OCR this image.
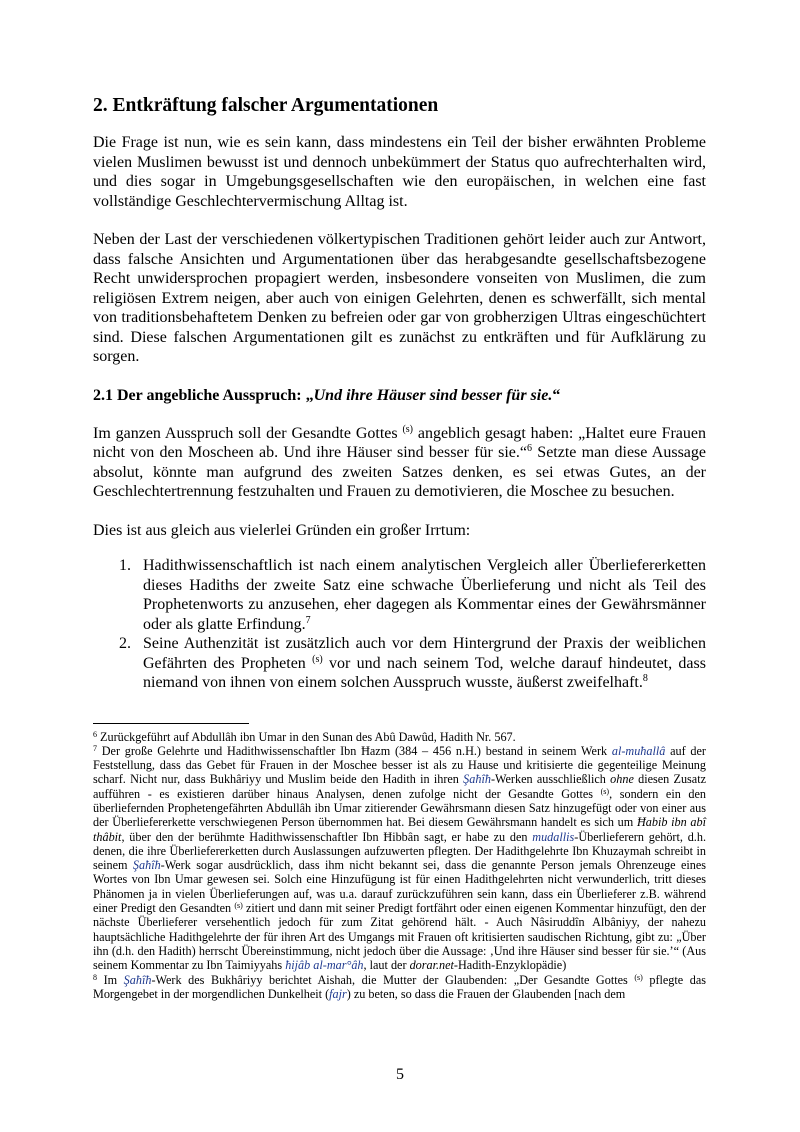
2. Entkräftung falscher Argumentationen

Die Frage ist nun, wie es sein kann, dass mindestens ein Teil der bisher erwähnten Probleme vielen Muslimen bewusst ist und dennoch unbekümmert der Status quo aufrechterhalten wird, und dies sogar in Umgebungsgesellschaften wie den europäischen, in welchen eine fast vollständige Geschlechtervermischung Alltag ist.

Neben der Last der verschiedenen völkertypischen Traditionen gehört leider auch zur Antwort, dass falsche Ansichten und Argumentationen über das herabgesandte gesellschaftsbezogene Recht unwidersprochen propagiert werden, insbesondere vonseiten von Muslimen, die zum religiösen Extrem neigen, aber auch von einigen Gelehrten, denen es schwerfällt, sich mental von traditionsbehaftetem Denken zu befreien oder gar von grobherzigen Ultras eingeschüchtert sind. Diese falschen Argumentationen gilt es zunächst zu entkräften und für Aufklärung zu sorgen.

2.1 Der angebliche Ausspruch: „Und ihre Häuser sind besser für sie.“

Im ganzen Ausspruch soll der Gesandte Gottes $^{(s)}$ angeblich gesagt haben: „Haltet eure Frauen nicht von den Moscheen ab. Und ihre Häuser sind besser für sie.“$^6$ Setzte man diese Aussage absolut, könnte man aufgrund des zweiten Satzes denken, es sei etwas Gutes, an der Geschlechtertrennung festzuhalten und Frauen zu demotivieren, die Moschee zu besuchen.

Dies ist aus gleich aus vielerlei Gründen ein großer Irrtum:

1. Hadithwissenschaftlich ist nach einem analytischen Vergleich aller Überliefererketten dieses Hadiths der zweite Satz eine schwache Überlieferung und nicht als Teil des Prophetenworts zu anzusehen, eher dagegen als Kommentar eines der Gewährsmänner oder als glatte Erfindung.$^7$
2. Seine Authenzität ist zusätzlich auch vor dem Hintergrund der Praxis der weiblichen Gefährten des Propheten $^{(s)}$ vor und nach seinem Tod, welche darauf hindeutet, dass niemand von ihnen von einem solchen Ausspruch wusste, äußerst zweifelhaft.$^8$

$^6$ Zurückgeführt auf Abdullâh ibn Umar in den Sunan des Abû Dawûd, Hadith Nr. 567.

$^7$ Der große Gelehrte und Hadithwissenschaftler Ibn Ħazm (384 – 456 n.H.) bestand in seinem Werk al-muħallâ auf der Feststellung, dass das Gebet für Frauen in der Moschee besser ist als zu Hause und kritisierte die gegenteilige Meinung scharf. Nicht nur, dass Bukhâriyy und Muslim beide den Hadith in ihren Şaħîħ-Werken ausschließlich ohne diesen Zusatz aufführen - es existieren darüber hinaus Analysen, denen zufolge nicht der Gesandte Gottes $^{(s)}$, sondern ein den überliefernden Prophetengefährten Abdullâh ibn Umar zitierender Gewährsmann diesen Satz hinzugefügt oder von einer aus der Überliefererkette verschwiegenen Person übernommen hat. Bei diesem Gewährsmann handelt es sich um Ħabib ibn abî thâbit, über den der berühmte Hadithwissenschaftler Ibn Ħibbân sagt, er habe zu den mudallis-Überlieferern gehört, d.h. denen, die ihre Überliefererketten durch Auslassungen aufzuwerten pflegten. Der Hadithgelehrte Ibn Khuzaymah schreibt in seinem Şaħîħ-Werk sogar ausdrücklich, dass ihm nicht bekannt sei, dass die genannte Person jemals Ohrenzeuge eines Wortes von Ibn Umar gewesen sei. Solch eine Hinzufügung ist für einen Hadithgelehrten nicht verwunderlich, tritt dieses Phänomen ja in vielen Überlieferungen auf, was u.a. darauf zurückzuführen sein kann, dass ein Überlieferer z.B. während einer Predigt den Gesandten $^{(s)}$ zitiert und dann mit seiner Predigt fortfährt oder einen eigenen Kommentar hinzufügt, den der nächste Überlieferer versehentlich jedoch für zum Zitat gehörend hält. - Auch Nâsiruddîn Albâniyy, der nahezu hauptsächliche Hadithgelehrte der für ihren Art des Umgangs mit Frauen oft kritisierten saudischen Richtung, gibt zu: „Über ihn (d.h. den Hadith) herrscht Übereinstimmung, nicht jedoch über die Aussage: ‚Und ihre Häuser sind besser für sie.’“ (Aus seinem Kommentar zu Ibn Taimiyyahs ħijâb al-mar°âh, laut der dorar.net-Hadith-Enzyklopädie)

$^8$ Im Şaħîħ-Werk des Bukhâriyy berichtet Aishah, die Mutter der Glaubenden: „Der Gesandte Gottes $^{(s)}$ pflegte das Morgengebet in der morgendlichen Dunkelheit (fajr) zu beten, so dass die Frauen der Glaubenden [nach dem

5
